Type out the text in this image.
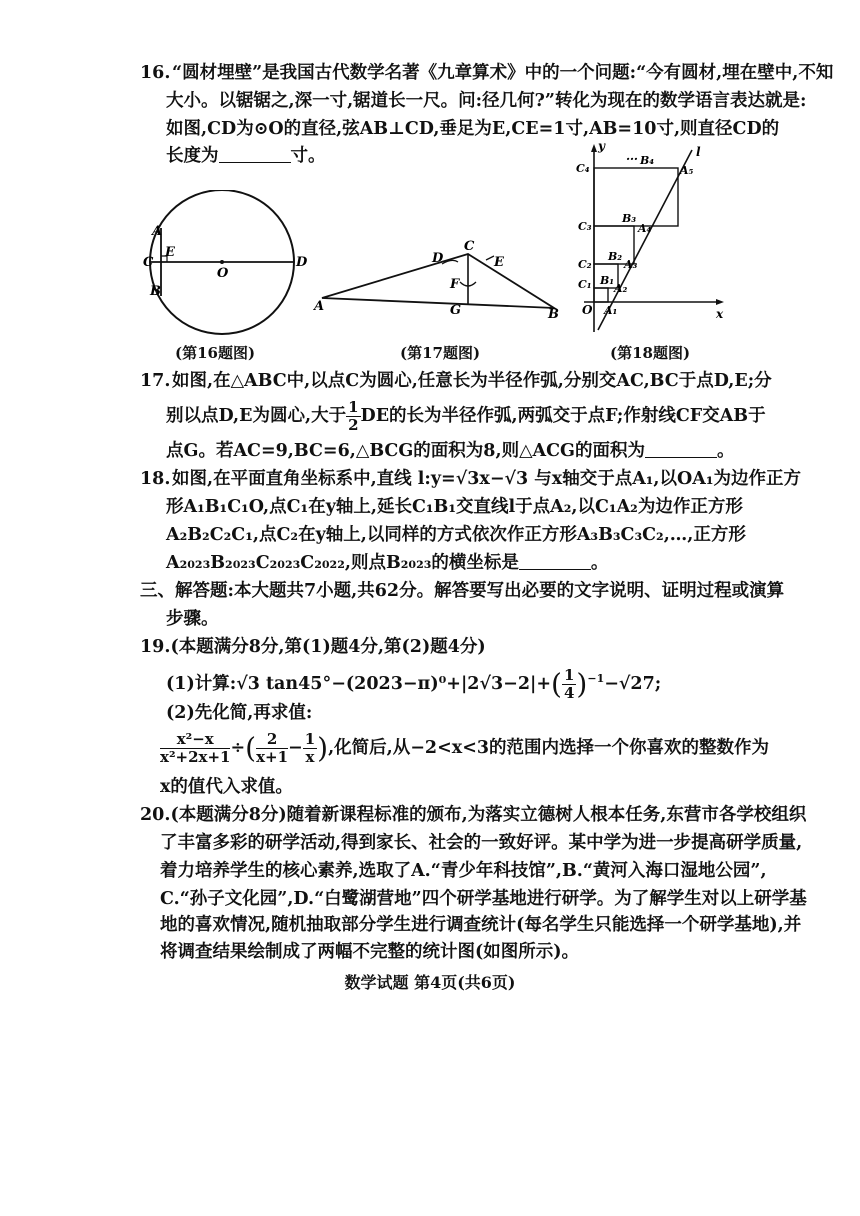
16. “圆材埋壁”是我国古代数学名著《九章算术》中的一个问题:“今有圆材,埋在壁中,不知
大小。以锯锯之,深一寸,锯道长一尺。问:径几何?”转化为现在的数学语言表达就是:
如图,CD为⊙O的直径,弦AB⊥CD,垂足为E,CE=1寸,AB=10寸,则直径CD的
长度为	寸。
A
C
E
O
D
B
(第16题图)
C
D	E
F
A	G	B
(第17题图)
y
x
O
l
…
C₁
C₂
C₃
C₄
A₁
A₂
A₃
A₄
A₅
B₁
B₂
B₃
B₄
(第18题图)
17. 如图,在△ABC中,以点C为圆心,任意长为半径作弧,分别交AC,BC于点D,E;分
别以点D,E为圆心,大于 $\frac{1}{2}$ DE的长为半径作弧,两弧交于点F;作射线CF交AB于
点G。若AC=9,BC=6,△BCG的面积为8,则△ACG的面积为	。
18. 如图,在平面直角坐标系中,直线 l:y=√3x−√3 与x轴交于点A₁,以OA₁为边作正方
形A₁B₁C₁O,点C₁在y轴上,延长C₁B₁交直线l于点A₂,以C₁A₂为边作正方形
A₂B₂C₂C₁,点C₂在y轴上,以同样的方式依次作正方形A₃B₃C₃C₂,…,正方形
A₂₀₂₃B₂₀₂₃C₂₀₂₃C₂₀₂₂,则点B₂₀₂₃的横坐标是	。
三、解答题:本大题共7小题,共62分。解答要写出必要的文字说明、证明过程或演算
步骤。
19.(本题满分8分,第(1)题4分,第(2)题4分)
(1)计算:√3 $\tan 45^\circ-(2023-\pi)^0+|2√3-2|+( \frac{1}{4} )^{-1}-√27$;
(2)先化简,再求值:
$\frac{\text{x²−x}}{\text{x²+2x+1}}$ ÷( $\frac{2}{x+1} - \frac{1}{x}$ ),化简后,从−2<x<3的范围内选择一个你喜欢的整数作为
x的值代入求值。
20.(本题满分8分)随着新课程标准的颁布,为落实立德树人根本任务,东营市各学校组织
了丰富多彩的研学活动,得到家长、社会的一致好评。某中学为进一步提高研学质量,
着力培养学生的核心素养,选取了A.“青少年科技馆”,B.“黄河入海口湿地公园”,
C.“孙子文化园”,D.“白鹭湖营地”四个研学基地进行研学。为了解学生对以上研学基
地的喜欢情况,随机抽取部分学生进行调查统计(每名学生只能选择一个研学基地),并
将调查结果绘制成了两幅不完整的统计图(如图所示)。
数学试题 第4页(共6页)
